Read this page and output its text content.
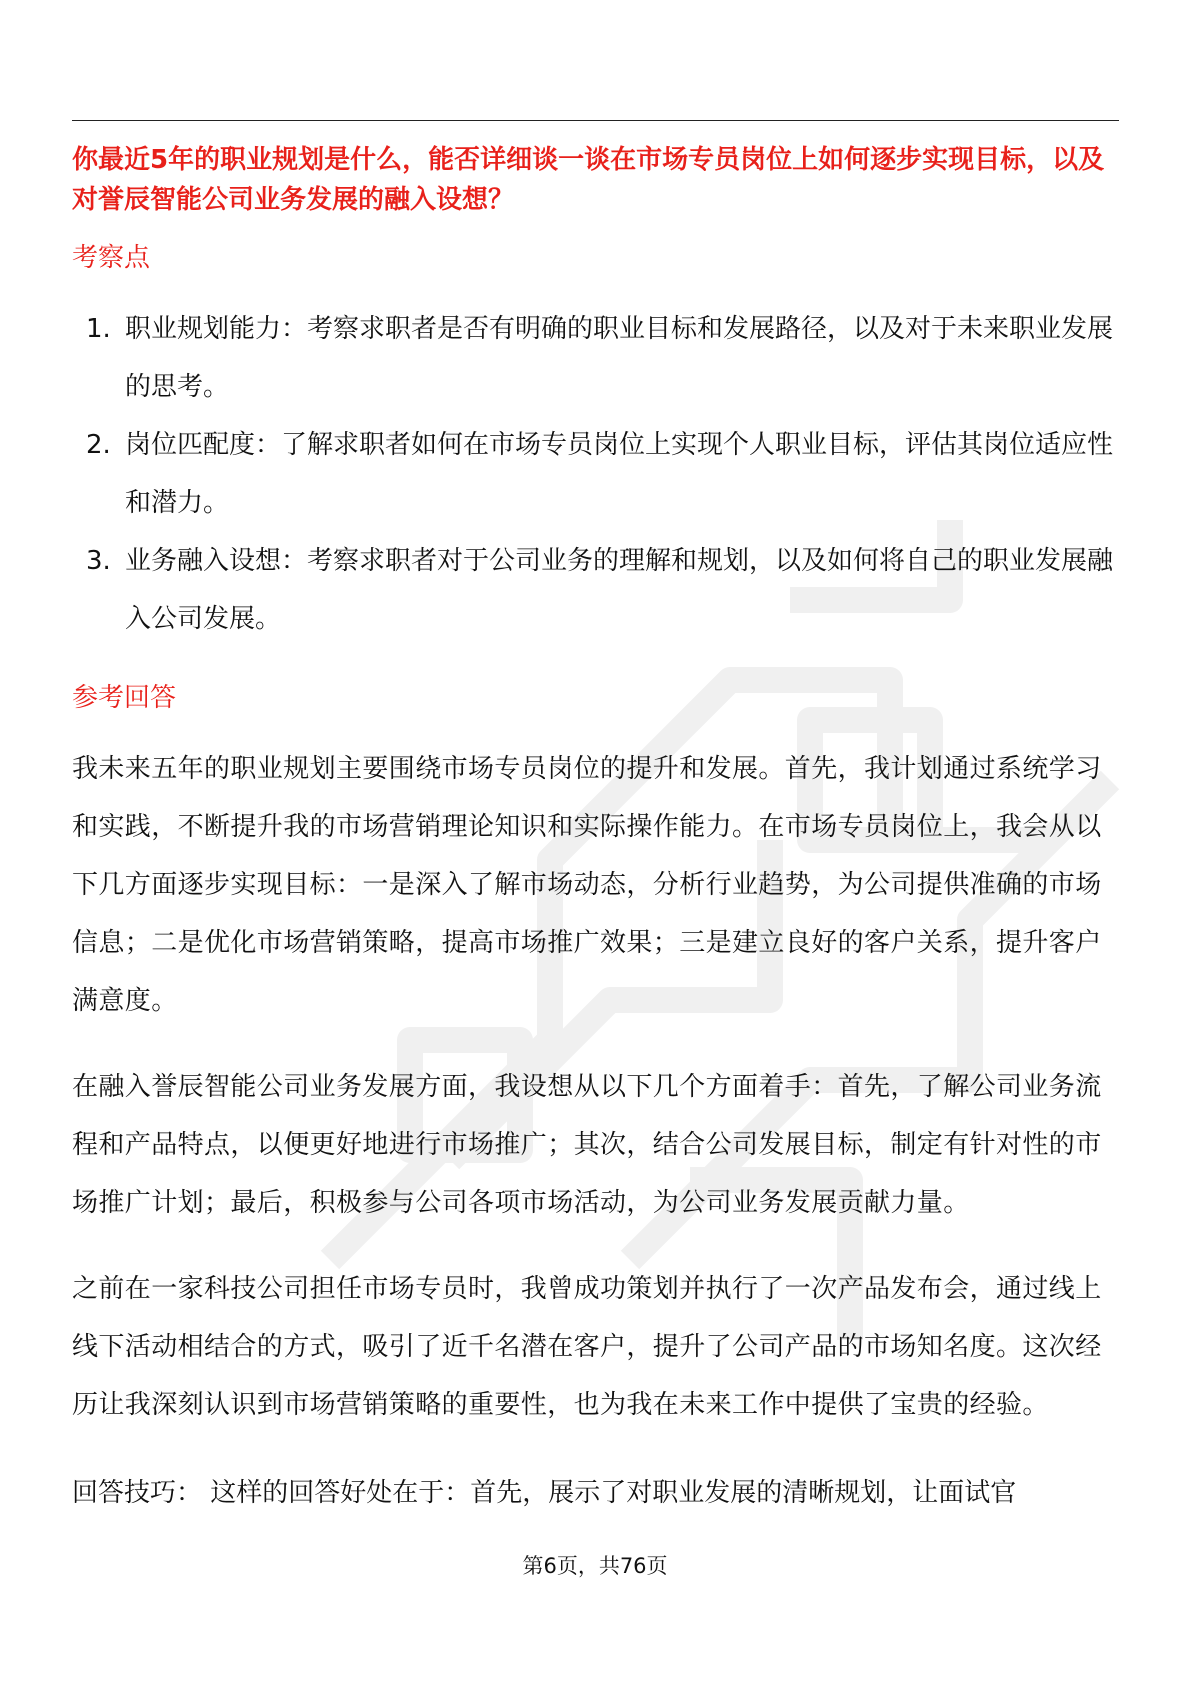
你最近5年的职业规划是什么，能否详细谈一谈在市场专员岗位上如何逐步实现目标，以及对誉辰智能公司业务发展的融入设想？

考察点
1. 职业规划能力：考察求职者是否有明确的职业目标和发展路径，以及对于未来职业发展的思考。
2. 岗位匹配度：了解求职者如何在市场专员岗位上实现个人职业目标，评估其岗位适应性和潜力。
3. 业务融入设想：考察求职者对于公司业务的理解和规划，以及如何将自己的职业发展融入公司发展。
参考回答

我未来五年的职业规划主要围绕市场专员岗位的提升和发展。首先，我计划通过系统学习和实践，不断提升我的市场营销理论知识和实际操作能力。在市场专员岗位上，我会从以下几方面逐步实现目标：一是深入了解市场动态，分析行业趋势，为公司提供准确的市场信息；二是优化市场营销策略，提高市场推广效果；三是建立良好的客户关系，提升客户满意度。

在融入誉辰智能公司业务发展方面，我设想从以下几个方面着手：首先，了解公司业务流程和产品特点，以便更好地进行市场推广；其次，结合公司发展目标，制定有针对性的市场推广计划；最后，积极参与公司各项市场活动，为公司业务发展贡献力量。

之前在一家科技公司担任市场专员时，我曾成功策划并执行了一次产品发布会，通过线上线下活动相结合的方式，吸引了近千名潜在客户，提升了公司产品的市场知名度。这次经历让我深刻认识到市场营销策略的重要性，也为我在未来工作中提供了宝贵的经验。

回答技巧： 这样的回答好处在于：首先，展示了对职业发展的清晰规划，让面试官

第6页，共76页
